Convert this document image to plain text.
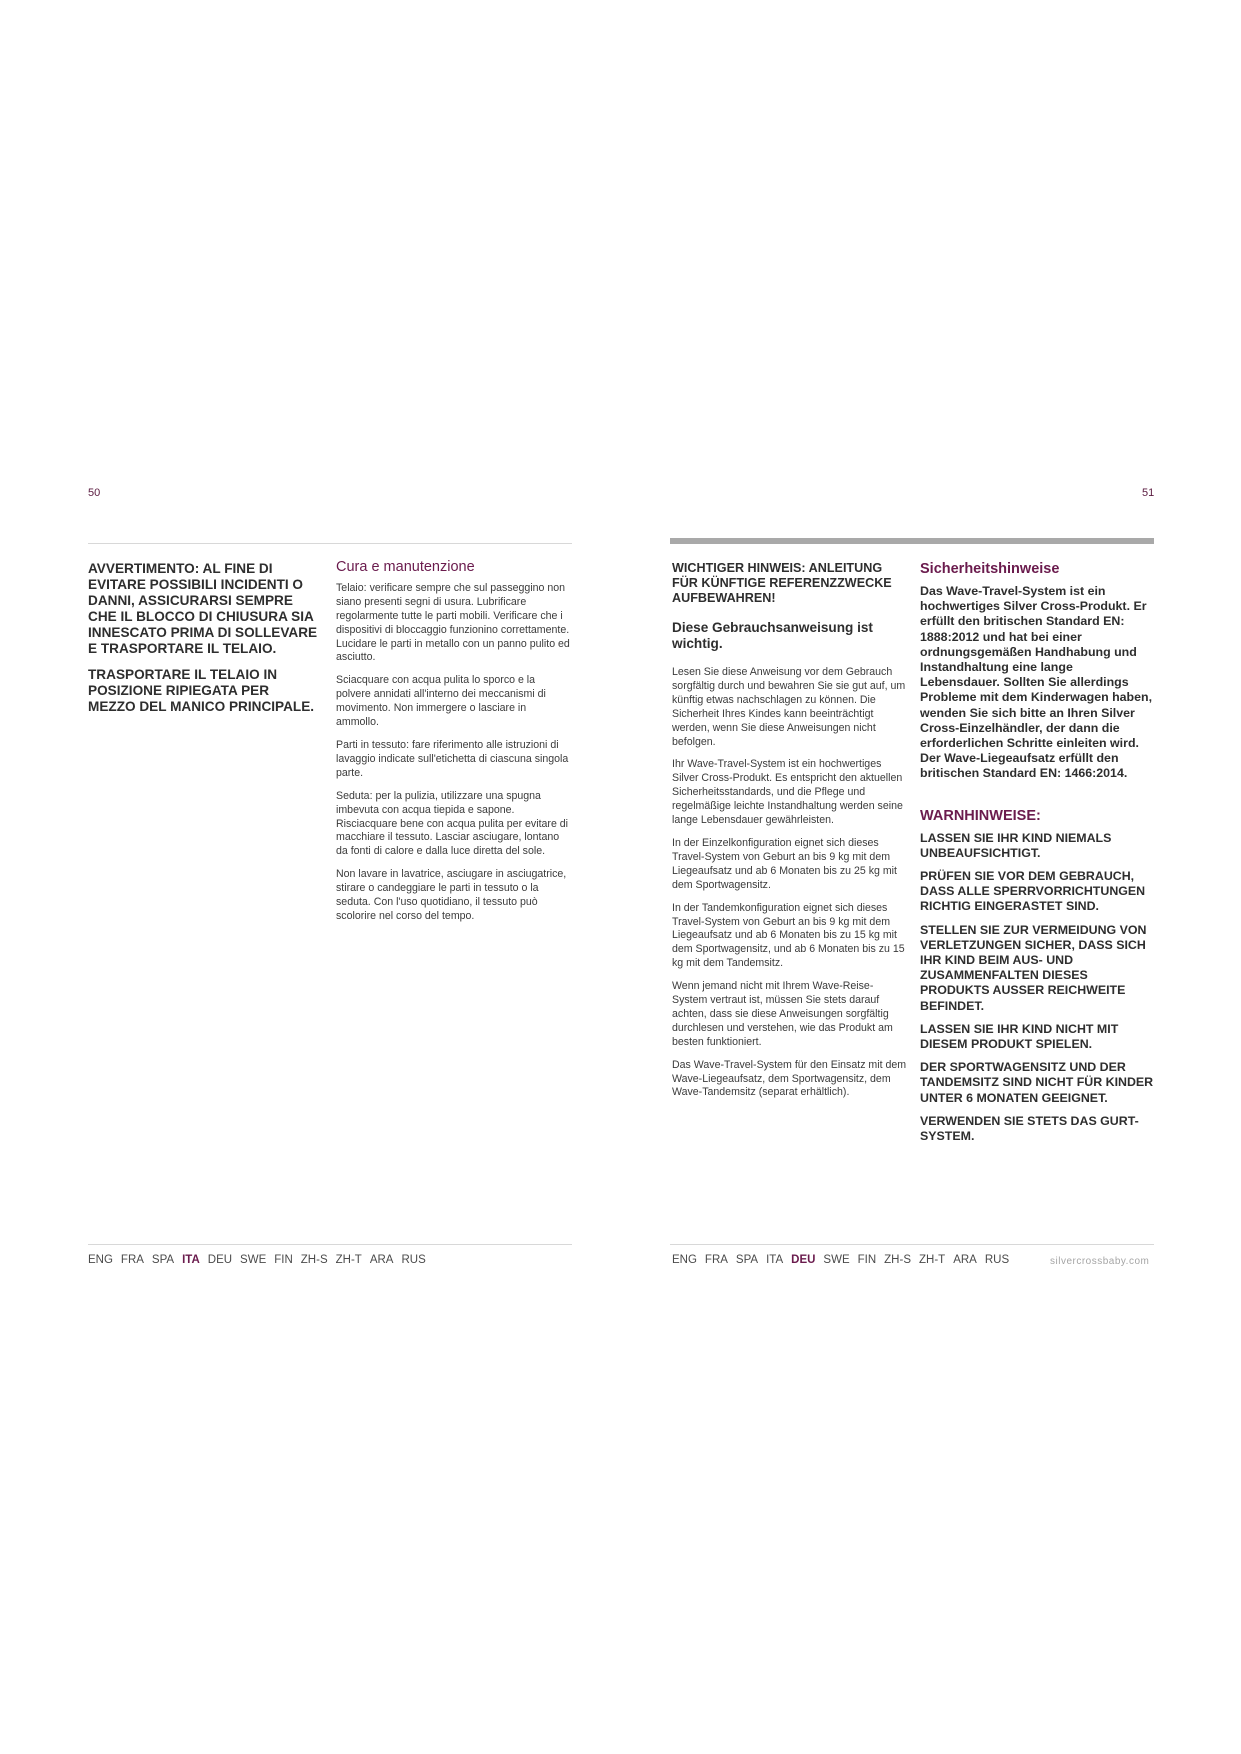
50

AVVERTIMENTO: AL FINE DI EVITARE POSSIBILI INCIDENTI O DANNI, ASSICURARSI SEMPRE CHE IL BLOCCO DI CHIUSURA SIA INNESCATO PRIMA DI SOLLEVARE E TRASPORTARE IL TELAIO.

TRASPORTARE IL TELAIO IN POSIZIONE RIPIEGATA PER MEZZO DEL MANICO PRINCIPALE.

Cura e manutenzione

Telaio: verificare sempre che sul passeggino non siano presenti segni di usura. Lubrificare regolarmente tutte le parti mobili. Verificare che i dispositivi di bloccaggio funzionino correttamente. Lucidare le parti in metallo con un panno pulito ed asciutto.

Sciacquare con acqua pulita lo sporco e la polvere annidati all'interno dei meccanismi di movimento. Non immergere o lasciare in ammollo.

Parti in tessuto: fare riferimento alle istruzioni di lavaggio indicate sull'etichetta di ciascuna singola parte.

Seduta: per la pulizia, utilizzare una spugna imbevuta con acqua tiepida e sapone. Risciacquare bene con acqua pulita per evitare di macchiare il tessuto. Lasciar asciugare, lontano da fonti di calore e dalla luce diretta del sole.

Non lavare in lavatrice, asciugare in asciugatrice, stirare o candeggiare le parti in tessuto o la seduta. Con l'uso quotidiano, il tessuto può scolorire nel corso del tempo.

ENG FRA SPA ITA DEU SWE FIN ZH-S ZH-T ARA RUS
51
WICHTIGER HINWEIS: ANLEITUNG FÜR KÜNFTIGE REFERENZZWECKE AUFBEWAHREN!
Diese Gebrauchsanweisung ist wichtig.

Lesen Sie diese Anweisung vor dem Gebrauch sorgfältig durch und bewahren Sie sie gut auf, um künftig etwas nachschlagen zu können. Die Sicherheit Ihres Kindes kann beeinträchtigt werden, wenn Sie diese Anweisungen nicht befolgen.

Ihr Wave-Travel-System ist ein hochwertiges Silver Cross-Produkt. Es entspricht den aktuellen Sicherheitsstandards, und die Pflege und regelmäßige leichte Instandhaltung werden seine lange Lebensdauer gewährleisten.

In der Einzelkonfiguration eignet sich dieses Travel-System von Geburt an bis 9 kg mit dem Liegeaufsatz und ab 6 Monaten bis zu 25 kg mit dem Sportwagensitz.

In der Tandemkonfiguration eignet sich dieses Travel-System von Geburt an bis 9 kg mit dem Liegeaufsatz und ab 6 Monaten bis zu 15 kg mit dem Sportwagensitz, und ab 6 Monaten bis zu 15 kg mit dem Tandemsitz.

Wenn jemand nicht mit Ihrem Wave-Reise-System vertraut ist, müssen Sie stets darauf achten, dass sie diese Anweisungen sorgfältig durchlesen und verstehen, wie das Produkt am besten funktioniert.

Das Wave-Travel-System für den Einsatz mit dem Wave-Liegeaufsatz, dem Sportwagensitz, dem Wave-Tandemsitz (separat erhältlich).

Sicherheitshinweise
Das Wave-Travel-System ist ein hochwertiges Silver Cross-Produkt. Er erfüllt den britischen Standard EN: 1888:2012 und hat bei einer ordnungsgemäßen Handhabung und Instandhaltung eine lange Lebensdauer. Sollten Sie allerdings Probleme mit dem Kinderwagen haben, wenden Sie sich bitte an Ihren Silver Cross-Einzelhändler, der dann die erforderlichen Schritte einleiten wird. Der Wave-Liegeaufsatz erfüllt den britischen Standard EN: 1466:2014.
WARNHINWEISE:

LASSEN SIE IHR KIND NIEMALS UNBEAUFSICHTIGT.

PRÜFEN SIE VOR DEM GEBRAUCH, DASS ALLE SPERRVORRICHTUNGEN RICHTIG EINGERASTET SIND.

STELLEN SIE ZUR VERMEIDUNG VON VERLETZUNGEN SICHER, DASS SICH IHR KIND BEIM AUS- UND ZUSAMMENFALTEN DIESES PRODUKTS AUSSER REICHWEITE BEFINDET.

LASSEN SIE IHR KIND NICHT MIT DIESEM PRODUKT SPIELEN.

DER SPORTWAGENSITZ UND DER TANDEMSITZ SIND NICHT FÜR KINDER UNTER 6 MONATEN GEEIGNET.

VERWENDEN SIE STETS DAS GURT-SYSTEM.

ENG FRA SPA ITA DEU SWE FIN ZH-S ZH-T ARA RUS	silvercrossbaby.com
